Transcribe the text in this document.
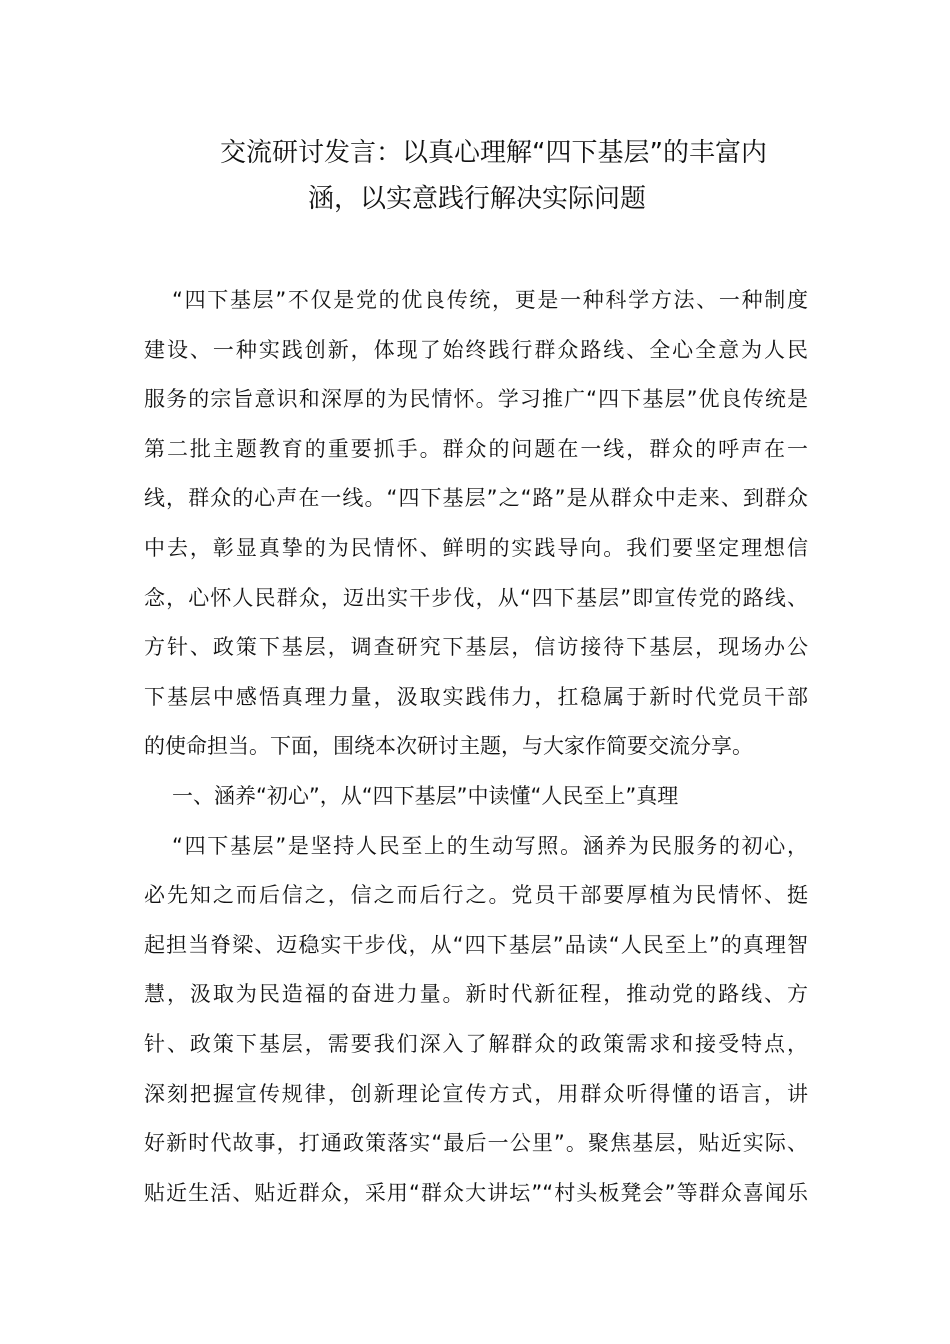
交流研讨发言：以真心理解“四下基层”的丰富内
涵，以实意践行解决实际问题

“四下基层”不仅是党的优良传统，更是一种科学方法、一种制度
建设、一种实践创新，体现了始终践行群众路线、全心全意为人民
服务的宗旨意识和深厚的为民情怀。学习推广“四下基层”优良传统是
第二批主题教育的重要抓手。群众的问题在一线，群众的呼声在一
线，群众的心声在一线。“四下基层”之“路”是从群众中走来、到群众
中去，彰显真挚的为民情怀、鲜明的实践导向。我们要坚定理想信
念，心怀人民群众，迈出实干步伐，从“四下基层”即宣传党的路线、
方针、政策下基层，调查研究下基层，信访接待下基层，现场办公
下基层中感悟真理力量，汲取实践伟力，扛稳属于新时代党员干部
的使命担当。下面，围绕本次研讨主题，与大家作简要交流分享。

一、涵养“初心”，从“四下基层”中读懂“人民至上”真理

“四下基层”是坚持人民至上的生动写照。涵养为民服务的初心，
必先知之而后信之，信之而后行之。党员干部要厚植为民情怀、挺
起担当脊梁、迈稳实干步伐，从“四下基层”品读“人民至上”的真理智
慧，汲取为民造福的奋进力量。新时代新征程，推动党的路线、方
针、政策下基层，需要我们深入了解群众的政策需求和接受特点，
深刻把握宣传规律，创新理论宣传方式，用群众听得懂的语言，讲
好新时代故事，打通政策落实“最后一公里”。聚焦基层，贴近实际、
贴近生活、贴近群众，采用“群众大讲坛”“村头板凳会”等群众喜闻乐
